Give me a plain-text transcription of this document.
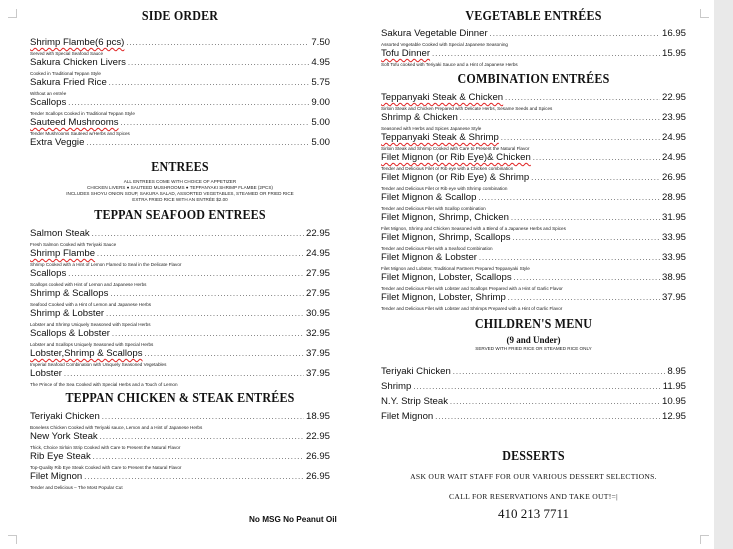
SIDE ORDER
Shrimp Flambe(6 pcs) .....	7.50
Served with Special Seafood Sauce
Sakura Chicken Livers .....	4.95
Cooked in Traditional Teppan Style
Sakura Fried Rice .....	5.75
Without an entrée
Scallops .....	9.00
Tender Scallops Cooked in Traditional Teppan Style
Sauteed Mushrooms .....	5.00
Tender Mushrooms Sauteed w/Herbs and Spices
Extra Veggie .....	5.00
ENTREES
ALL ENTREES COME WITH CHOICE OF APPETIZER
CHICKEN LIVERS ● SAUTEED MUSHROOMS ● TEPPANYAKI SHRIMP FLAMBE (2PCS)
INCLUDES SHOYU ONION SOUP, SAKURA SALAD, ASSORTED VEGETABLES, STEAMED OR FRIED RICE
EXTRA FRIED RICE WITH AN ENTRÉE $2.00
TEPPAN SEAFOOD ENTREES
Salmon Steak .....	22.95
Fresh Salmon Cooked with Teriyaki Sauce
Shrimp Flambe .....	24.95
Shrimp Cooked with a Hint of Lemon Flamed to Seal in the Delicate Flavor
Scallops .....	27.95
Scallops cooked with Hint of Lemon and Japanese Herbs
Shrimp & Scallops .....	27.95
Seafood Cooked with a Hint of Lemon and Japanese Herbs
Shrimp & Lobster .....	30.95
Lobster and Shrimp Uniquely Seasoned with Special Herbs
Scallops & Lobster .....	32.95
Lobster and Scallops Uniquely Seasoned with Special Herbs
Lobster,Shrimp & Scallops .....	37.95
Imperial Seafood Combination with Uniquely Seasoned Vegetables
Lobster .....	37.95
The Prince of the Sea Cooked with Special Herbs and a Touch of Lemon
TEPPAN CHICKEN & STEAK ENTRÉES
Teriyaki Chicken .....	18.95
Boneless Chicken Cooked with Teriyaki sauce, Lemon and a Hint of Japanese Herbs
New York Steak .....	22.95
Thick, Choice Sirloin Strip Cooked with Care to Present the Natural Flavor
Rib Eye Steak .....	26.95
Top-Quality Rib Eye Steak Cooked with Care to Present the Natural Flavor
Filet Mignon .....	26.95
Tender and Delicious – The Most Popular Cut
No MSG No Peanut Oil
VEGETABLE ENTRÉES
Sakura Vegetable Dinner .....	16.95
Assorted Vegetable Cooked with Special Japanese Seasoning
Tofu Dinner .....	15.95
Soft Tofu cooked with Teriyaki Sauce and a Hint of Japanese Herbs
COMBINATION ENTRÉES
Teppanyaki Steak & Chicken .....	22.95
Sirloin Steak and Chicken Prepared with Delicate Herbs, Sesame Seeds and Spices
Shrimp & Chicken .....	23.95
Seasoned with Herbs and Spices Japanese Style
Teppanyaki Steak & Shrimp .....	24.95
Sirloin Steak and Shrimp Cooked with Care to Present the Natural Flavor
Filet Mignon (or Rib Eye)& Chicken .....	24.95
Tender and Delicious Filet or Rib eye with a Chicken combination
Filet Mignon (or Rib Eye) & Shrimp .....	26.95
Tender and Delicious Filet or Rib eye with Shrimp combination
Filet Mignon & Scallop .....	28.95
Tender and Delicious Filet with Scallop combination
Filet Mignon, Shrimp, Chicken .....	31.95
Filet Mignon, Shrimp and Chicken Seasoned with a Blend of a Japanese Herbs and Spices
Filet Mignon, Shrimp, Scallops .....	33.95
Tender and Delicious Filet with a Seafood Combination
Filet Mignon & Lobster .....	33.95
Filet Mignon and Lobster, Traditional Partners Prepared Teppanyaki Style
Filet Mignon, Lobster, Scallops .....	38.95
Tender and Delicious Filet with Lobster and Scallops Prepared with a Hint of Garlic Flavor
Filet Mignon, Lobster, Shrimp .....	37.95
Tender and Delicious Filet with Lobster and Shrimps Prepared with a Hint of Garlic Flavor
CHILDREN'S MENU
(9 and Under)
SERVED WITH FRIED RICE OR STEAMED RICE ONLY
Teriyaki Chicken .....	8.95
Shrimp .....	11.95
N.Y. Strip Steak .....	10.95
Filet Mignon .....	12.95
DESSERTS
ASK OUR WAIT STAFF FOR OUR VARIOUS DESSERT SELECTIONS.
CALL FOR RESERVATIONS AND TAKE OUT!=|
410 213 7711
